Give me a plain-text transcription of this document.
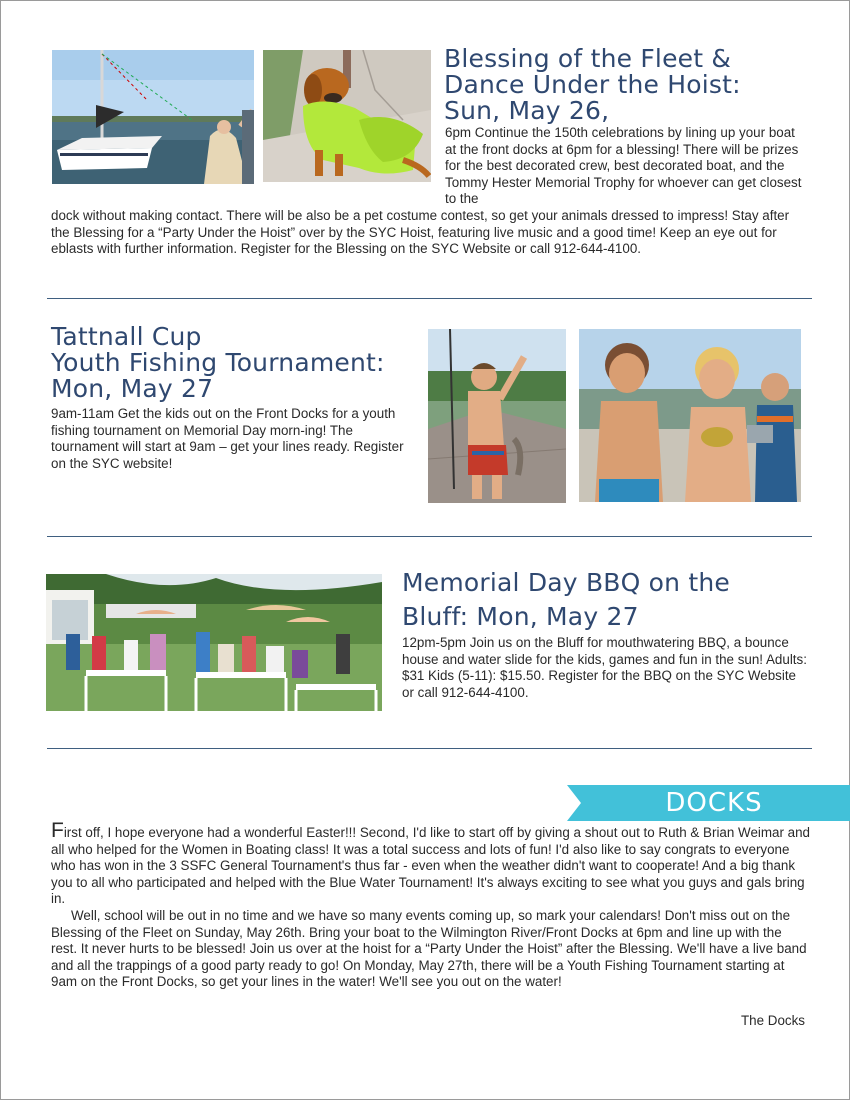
Blessing of the Fleet &
Dance Under the Hoist:
Sun, May 26,

6pm Continue the 150th celebrations by lining up your boat at the front docks at 6pm for a blessing! There will be prizes for the best decorated crew, best decorated boat, and the Tommy Hester Memorial Trophy for whoever can get closest to the

dock without making contact. There will be also be a pet costume contest, so get your animals dressed to impress! Stay after the Blessing for a “Party Under the Hoist” over by the SYC Hoist, featuring live music and a good time! Keep an eye out for eblasts with further information. Register for the Blessing on the SYC Website or call 912-644-4100.

Tattnall Cup
Youth Fishing Tournament:
Mon, May 27

9am-11am Get the kids out on the Front Docks for a youth fishing tournament on Memorial Day morn-ing! The tournament will start at 9am – get your lines ready. Register on the SYC website!

Memorial Day BBQ on the
Bluff: Mon, May 27

12pm-5pm Join us on the Bluff for mouthwatering BBQ, a bounce house and water slide for the kids, games and fun in the sun! Adults: $31 Kids (5-11): $15.50. Register for the BBQ on the SYC Website or call 912-644-4100.

DOCKS

First off, I hope everyone had a wonderful Easter!!! Second, I'd like to start off by giving a shout out to Ruth & Brian Weimar and all who helped for the Women in Boating class! It was a total success and lots of fun! I'd also like to say congrats to everyone who has won in the 3 SSFC General Tournament's thus far - even when the weather didn't want to cooperate! And a big thank you to all who participated and helped with the Blue Water Tournament! It's always exciting to see what you guys and gals bring in.

Well, school will be out in no time and we have so many events coming up, so mark your calendars! Don't miss out on the Blessing of the Fleet on Sunday, May 26th. Bring your boat to the Wilmington River/Front Docks at 6pm and line up with the rest. It never hurts to be blessed! Join us over at the hoist for a “Party Under the Hoist” after the Blessing. We'll have a live band and all the trappings of a good party ready to go! On Monday, May 27th, there will be a Youth Fishing Tournament starting at 9am on the Front Docks, so get your lines in the water! We'll see you out on the water!

The Docks
